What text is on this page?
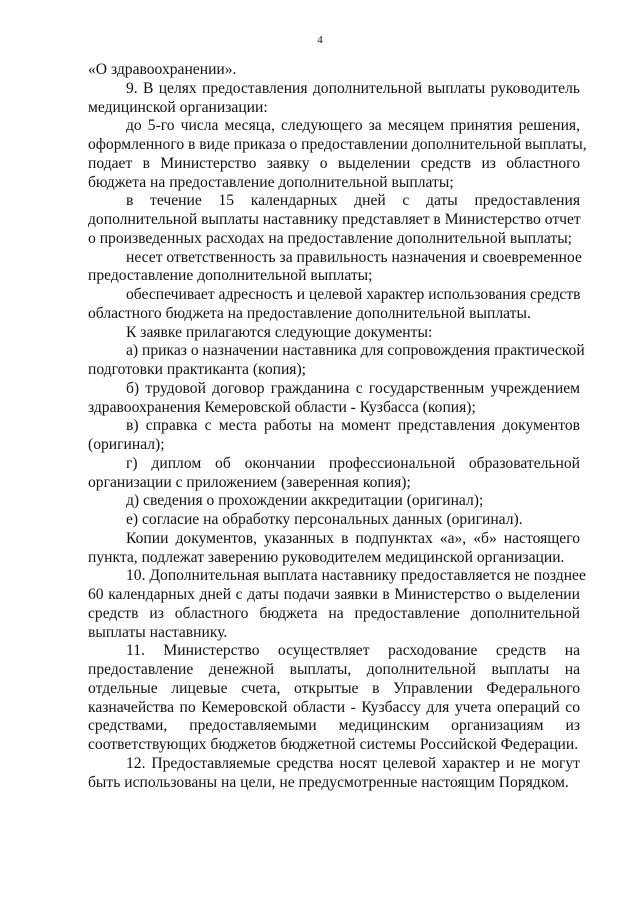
4
«О здравоохранении».
9. В целях предоставления дополнительной выплаты руководитель
медицинской организации:
до 5-го числа месяца, следующего за месяцем принятия решения,
оформленного в виде приказа о предоставлении дополнительной выплаты,
подает в Министерство заявку о выделении средств из областного
бюджета на предоставление дополнительной выплаты;
в течение 15 календарных дней с даты предоставления
дополнительной выплаты наставнику представляет в Министерство отчет
о произведенных расходах на предоставление дополнительной выплаты;
несет ответственность за правильность назначения и своевременное
предоставление дополнительной выплаты;
обеспечивает адресность и целевой характер использования средств
областного бюджета на предоставление дополнительной выплаты.
К заявке прилагаются следующие документы:
а) приказ о назначении наставника для сопровождения практической
подготовки практиканта (копия);
б) трудовой договор гражданина с государственным учреждением
здравоохранения Кемеровской области - Кузбасса (копия);
в) справка с места работы на момент представления документов
(оригинал);
г) диплом об окончании профессиональной образовательной
организации с приложением (заверенная копия);
д) сведения о прохождении аккредитации (оригинал);
е) согласие на обработку персональных данных (оригинал).
Копии документов, указанных в подпунктах «а», «б» настоящего
пункта, подлежат заверению руководителем медицинской организации.
10. Дополнительная выплата наставнику предоставляется не позднее
60 календарных дней с даты подачи заявки в Министерство о выделении
средств из областного бюджета на предоставление дополнительной
выплаты наставнику.
11. Министерство осуществляет расходование средств на
предоставление денежной выплаты, дополнительной выплаты на
отдельные лицевые счета, открытые в Управлении Федерального
казначейства по Кемеровской области - Кузбассу для учета операций со
средствами, предоставляемыми медицинским организациям из
соответствующих бюджетов бюджетной системы Российской Федерации.
12. Предоставляемые средства носят целевой характер и не могут
быть использованы на цели, не предусмотренные настоящим Порядком.
